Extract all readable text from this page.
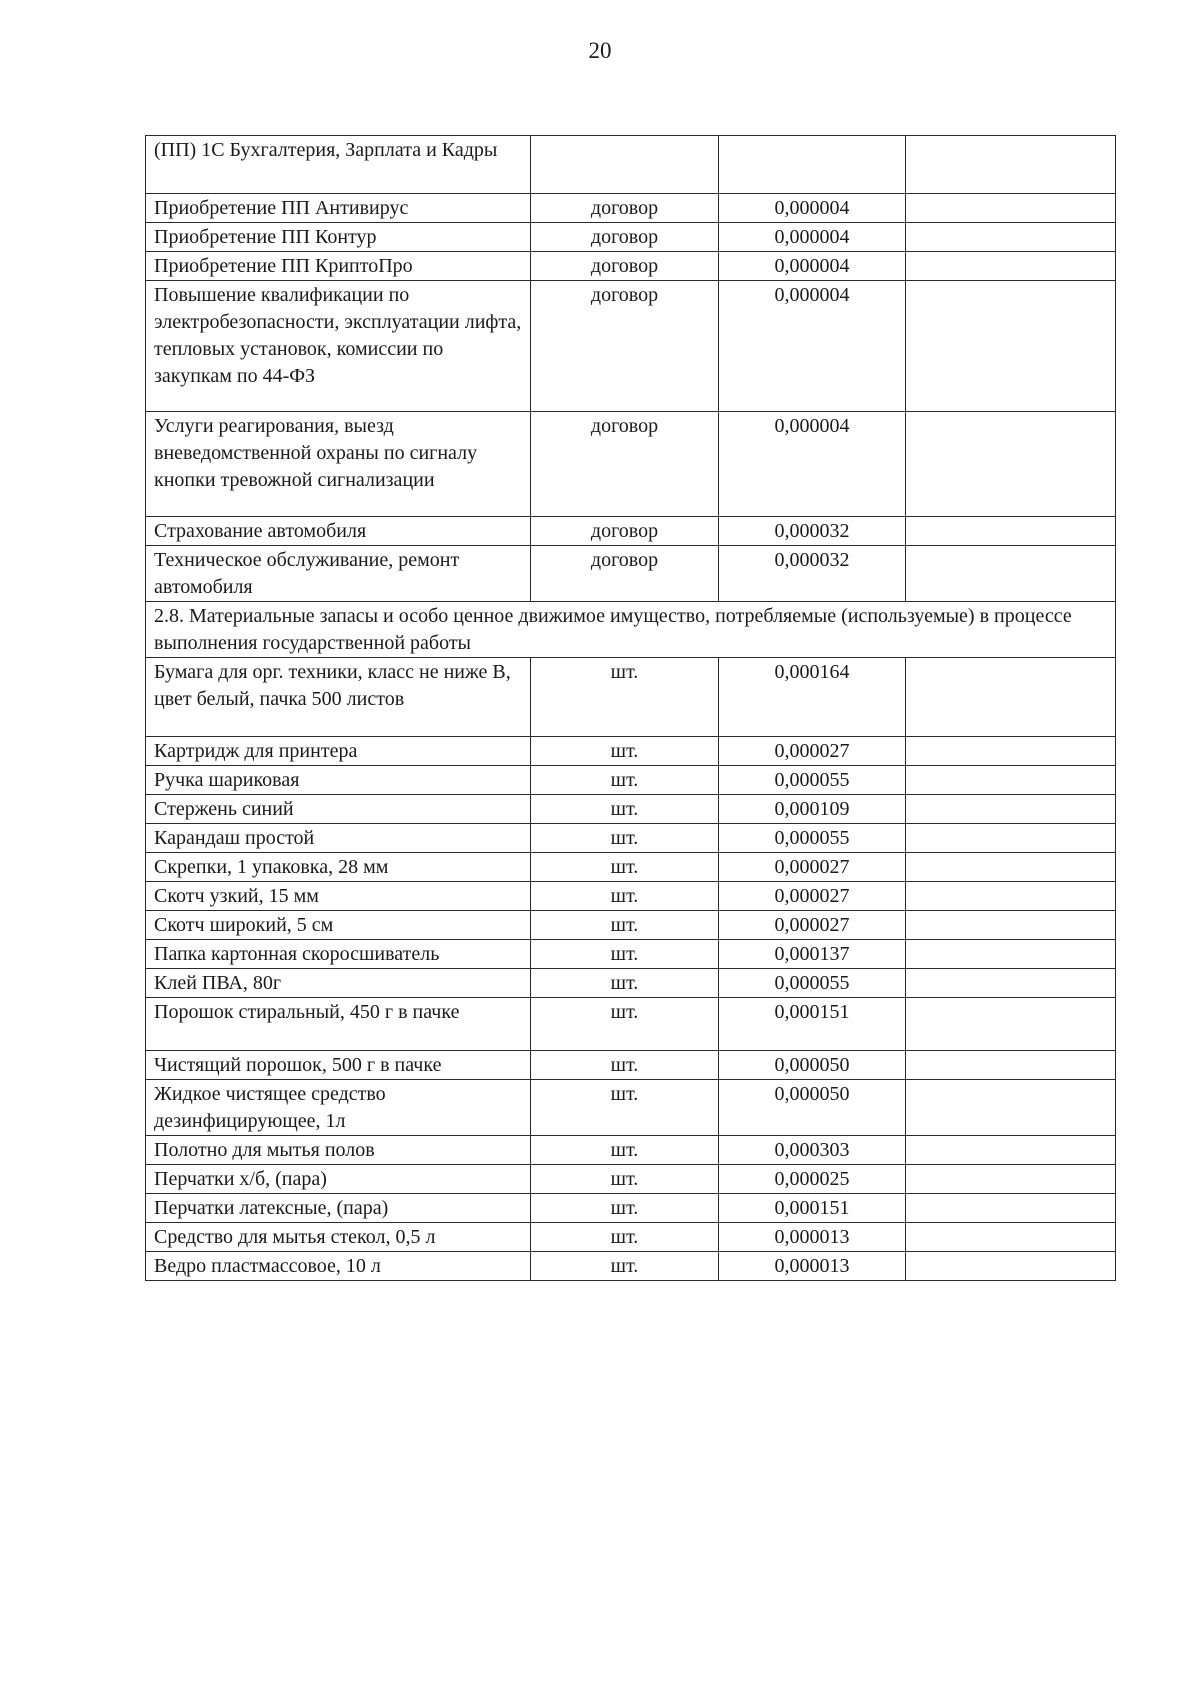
20
(ПП) 1С Бухгалтерия, Зарплата и Кадры			
Приобретение ПП Антивирус	договор	0,000004	
Приобретение ПП Контур	договор	0,000004	
Приобретение ПП КриптоПро	договор	0,000004	
Повышение квалификации по электробезопасности, эксплуатации лифта, тепловых установок, комиссии по закупкам по 44-ФЗ	договор	0,000004	
Услуги реагирования, выезд вневедомственной охраны по сигналу кнопки тревожной сигнализации	договор	0,000004	
Страхование автомобиля	договор	0,000032	
Техническое обслуживание, ремонт автомобиля	договор	0,000032	
2.8. Материальные запасы и особо ценное движимое имущество, потребляемые (используемые) в процессе выполнения государственной работы			
Бумага для орг. техники, класс не ниже В, цвет белый, пачка 500 листов	шт.	0,000164	
Картридж для принтера	шт.	0,000027	
Ручка шариковая	шт.	0,000055	
Стержень синий	шт.	0,000109	
Карандаш простой	шт.	0,000055	
Скрепки, 1 упаковка, 28 мм	шт.	0,000027	
Скотч узкий, 15 мм	шт.	0,000027	
Скотч широкий, 5 см	шт.	0,000027	
Папка картонная скоросшиватель	шт.	0,000137	
Клей ПВА, 80г	шт.	0,000055	
Порошок стиральный, 450 г в пачке	шт.	0,000151	
Чистящий порошок, 500 г в пачке	шт.	0,000050	
Жидкое чистящее средство дезинфицирующее, 1л	шт.	0,000050	
Полотно для мытья полов	шт.	0,000303	
Перчатки х/б, (пара)	шт.	0,000025	
Перчатки латексные, (пара)	шт.	0,000151	
Средство для мытья стекол, 0,5 л	шт.	0,000013	
Ведро пластмассовое, 10 л	шт.	0,000013	
